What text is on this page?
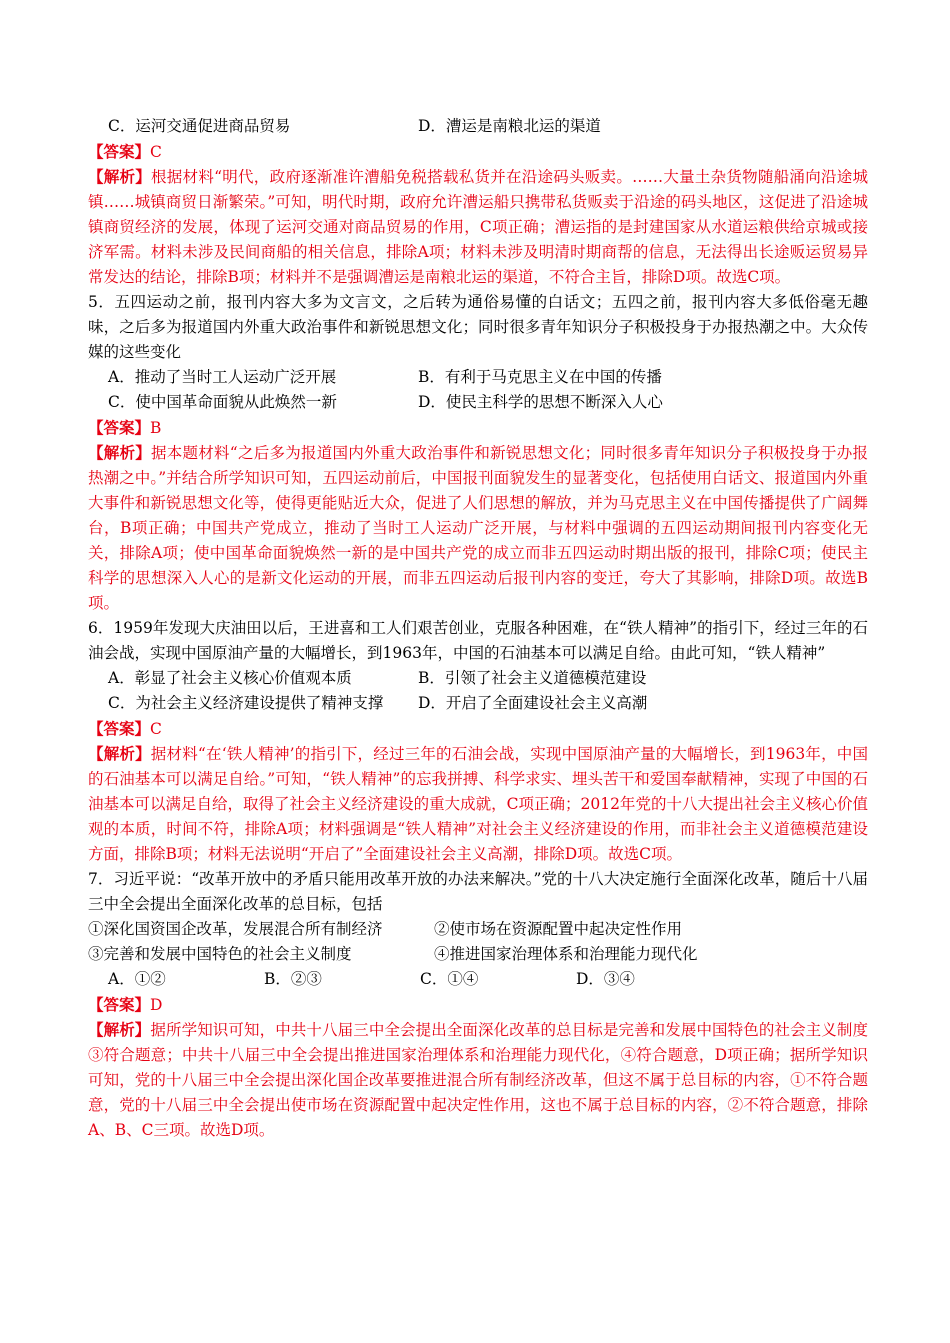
C．运河交通促进商品贸易	D．漕运是南粮北运的渠道
【答案】C
【解析】根据材料“明代，政府逐渐准许漕船免税搭载私货并在沿途码头贩卖。……大量土杂货物随船涌向沿途城镇……城镇商贸日渐繁荣。”可知，明代时期，政府允许漕运船只携带私货贩卖于沿途的码头地区，这促进了沿途城镇商贸经济的发展，体现了运河交通对商品贸易的作用，C项正确；漕运指的是封建国家从水道运粮供给京城或接济军需。材料未涉及民间商船的相关信息，排除A项；材料未涉及明清时期商帮的信息，无法得出长途贩运贸易异常发达的结论，排除B项；材料并不是强调漕运是南粮北运的渠道，不符合主旨，排除D项。故选C项。
5．五四运动之前，报刊内容大多为文言文，之后转为通俗易懂的白话文；五四之前，报刊内容大多低俗毫无趣味，之后多为报道国内外重大政治事件和新锐思想文化；同时很多青年知识分子积极投身于办报热潮之中。大众传媒的这些变化
A．推动了当时工人运动广泛开展	B．有利于马克思主义在中国的传播
C．使中国革命面貌从此焕然一新	D．使民主科学的思想不断深入人心
【答案】B
【解析】据本题材料“之后多为报道国内外重大政治事件和新锐思想文化；同时很多青年知识分子积极投身于办报热潮之中。”并结合所学知识可知，五四运动前后，中国报刊面貌发生的显著变化，包括使用白话文、报道国内外重大事件和新锐思想文化等，使得更能贴近大众，促进了人们思想的解放，并为马克思主义在中国传播提供了广阔舞台，B项正确；中国共产党成立，推动了当时工人运动广泛开展，与材料中强调的五四运动期间报刊内容变化无关，排除A项；使中国革命面貌焕然一新的是中国共产党的成立而非五四运动时期出版的报刊，排除C项；使民主科学的思想深入人心的是新文化运动的开展，而非五四运动后报刊内容的变迁，夸大了其影响，排除D项。故选B项。
6．1959年发现大庆油田以后，王进喜和工人们艰苦创业，克服各种困难，在“铁人精神”的指引下，经过三年的石油会战，实现中国原油产量的大幅增长，到1963年，中国的石油基本可以满足自给。由此可知，“铁人精神”
A．彰显了社会主义核心价值观本质	B．引领了社会主义道德模范建设
C．为社会主义经济建设提供了精神支撑	D．开启了全面建设社会主义高潮
【答案】C
【解析】据材料“在‘铁人精神’的指引下，经过三年的石油会战，实现中国原油产量的大幅增长，到1963年，中国的石油基本可以满足自给。”可知，“铁人精神”的忘我拼搏、科学求实、埋头苦干和爱国奉献精神，实现了中国的石油基本可以满足自给，取得了社会主义经济建设的重大成就，C项正确；2012年党的十八大提出社会主义核心价值观的本质，时间不符，排除A项；材料强调是“铁人精神”对社会主义经济建设的作用，而非社会主义道德模范建设方面，排除B项；材料无法说明“开启了”全面建设社会主义高潮，排除D项。故选C项。
7．习近平说：“改革开放中的矛盾只能用改革开放的办法来解决。”党的十八大决定施行全面深化改革，随后十八届三中全会提出全面深化改革的总目标，包括
①深化国资国企改革，发展混合所有制经济	②使市场在资源配置中起决定性作用
③完善和发展中国特色的社会主义制度	④推进国家治理体系和治理能力现代化
A．①②	B．②③	C．①④	D．③④
【答案】D
【解析】据所学知识可知，中共十八届三中全会提出全面深化改革的总目标是完善和发展中国特色的社会主义制度③符合题意；中共十八届三中全会提出推进国家治理体系和治理能力现代化，④符合题意，D项正确；据所学知识可知，党的十八届三中全会提出深化国企改革要推进混合所有制经济改革，但这不属于总目标的内容，①不符合题意，党的十八届三中全会提出使市场在资源配置中起决定性作用，这也不属于总目标的内容，②不符合题意，排除A、B、C三项。故选D项。
